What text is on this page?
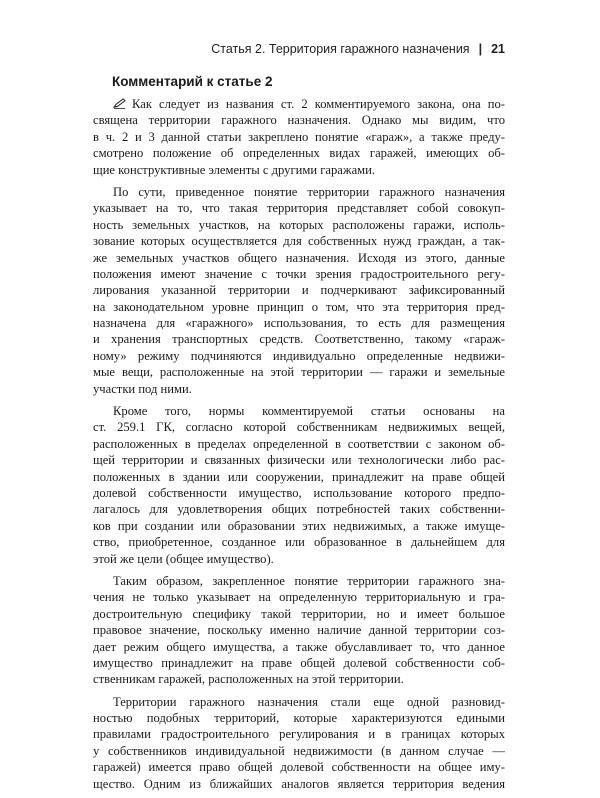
Статья 2. Территория гаражного назначения | 21
Комментарий к статье 2
Как следует из названия ст. 2 комментируемого закона, она по-
священа территории гаражного назначения. Однако мы видим, что
в ч. 2 и 3 данной статьи закреплено понятие «гараж», а также преду-
смотрено положение об определенных видах гаражей, имеющих об-
щие конструктивные элементы с другими гаражами.
По сути, приведенное понятие территории гаражного назначения
указывает на то, что такая территория представляет собой совокуп-
ность земельных участков, на которых расположены гаражи, исполь-
зование которых осуществляется для собственных нужд граждан, а так-
же земельных участков общего назначения. Исходя из этого, данные
положения имеют значение с точки зрения градостроительного регу-
лирования указанной территории и подчеркивают зафиксированный
на законодательном уровне принцип о том, что эта территория пред-
назначена для «гаражного» использования, то есть для размещения
и хранения транспортных средств. Соответственно, такому «гараж-
ному» режиму подчиняются индивидуально определенные недвижи-
мые вещи, расположенные на этой территории — гаражи и земельные
участки под ними.
Кроме того, нормы комментируемой статьи основаны на
ст. 259.1 ГК, согласно которой собственникам недвижимых вещей,
расположенных в пределах определенной в соответствии с законом об-
щей территории и связанных физически или технологически либо рас-
положенных в здании или сооружении, принадлежит на праве общей
долевой собственности имущество, использование которого предпо-
лагалось для удовлетворения общих потребностей таких собственни-
ков при создании или образовании этих недвижимых, а также имуще-
ство, приобретенное, созданное или образованное в дальнейшем для
этой же цели (общее имущество).
Таким образом, закрепленное понятие территории гаражного зна-
чения не только указывает на определенную территориальную и гра-
достроительную специфику такой территории, но и имеет большое
правовое значение, поскольку именно наличие данной территории соз-
дает режим общего имущества, а также обуславливает то, что данное
имущество принадлежит на праве общей долевой собственности соб-
ственникам гаражей, расположенных на этой территории.
Территории гаражного назначения стали еще одной разновид-
ностью подобных территорий, которые характеризуются едиными
правилами градостроительного регулирования и в границах которых
у собственников индивидуальной недвижимости (в данном случае —
гаражей) имеется право общей долевой собственности на общее иму-
щество. Одним из ближайших аналогов является территория ведения
